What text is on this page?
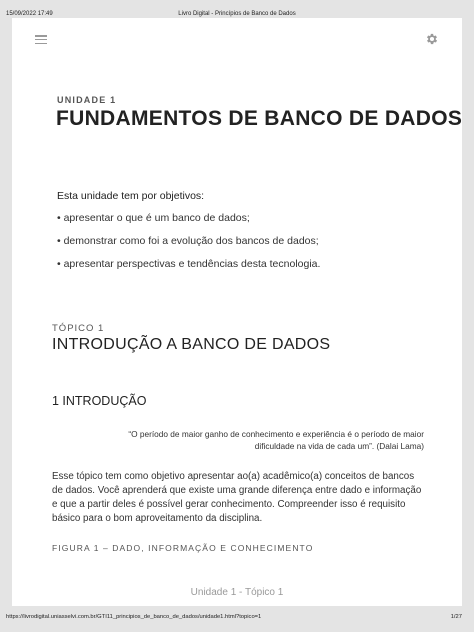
15/09/2022 17:49	Livro Digital - Princípios de Banco de Dados
UNIDADE 1
FUNDAMENTOS DE BANCO DE DADOS
Esta unidade tem por objetivos:
• apresentar o que é um banco de dados;
• demonstrar como foi a evolução dos bancos de dados;
• apresentar perspectivas e tendências desta tecnologia.
TÓPICO 1
INTRODUÇÃO A BANCO DE DADOS
1 INTRODUÇÃO
“O período de maior ganho de conhecimento e experiência é o período de maior
dificuldade na vida de cada um”. (Dalai Lama)
Esse tópico tem como objetivo apresentar ao(a) acadêmico(a) conceitos de bancos de dados. Você aprenderá que existe uma grande diferença entre dado e informação e que a partir deles é possível gerar conhecimento. Compreender isso é requisito básico para o bom aproveitamento da disciplina.
FIGURA 1 – DADO, INFORMAÇÃO E CONHECIMENTO
Unidade 1 - Tópico 1
https://livrodigital.uniasselvi.com.br/GTI11_principios_de_banco_de_dados/unidade1.html?topico=1	1/27
